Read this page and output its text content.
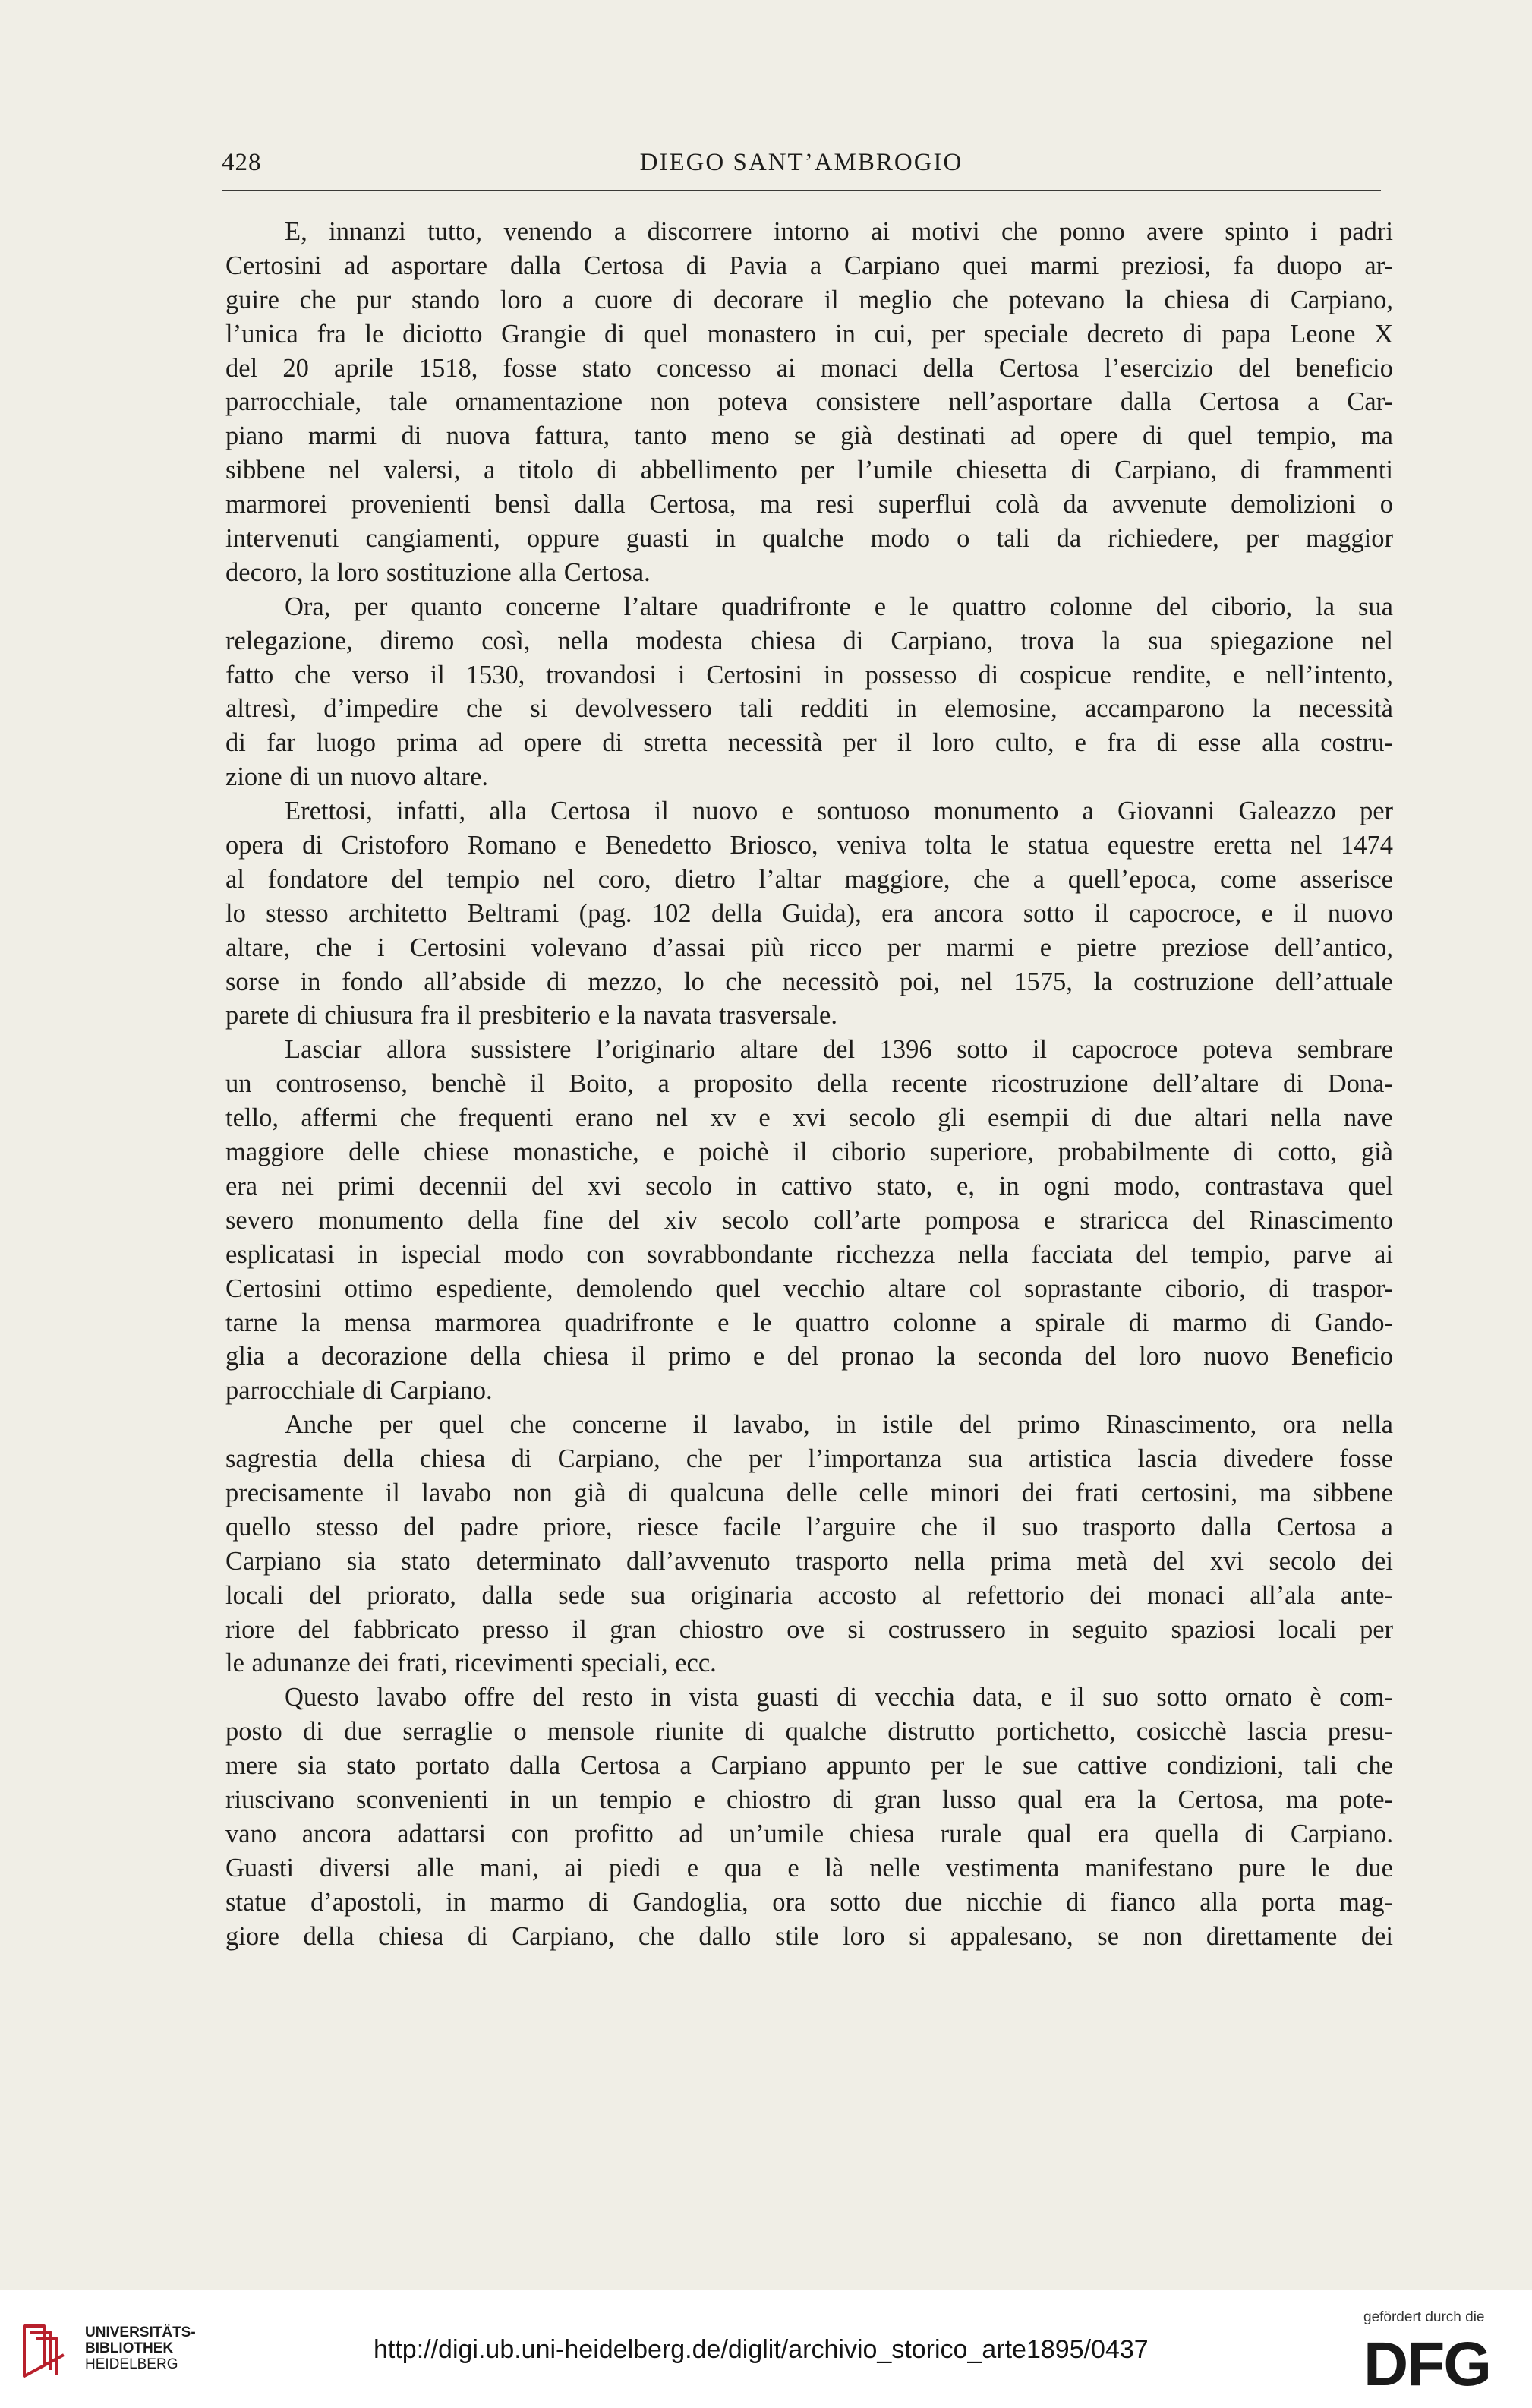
428	DIEGO SANT’AMBROGIO
E, innanzi tutto, venendo a discorrere intorno ai motivi che ponno avere spinto i padri
Certosini ad asportare dalla Certosa di Pavia a Carpiano quei marmi preziosi, fa duopo ar-
guire che pur stando loro a cuore di decorare il meglio che potevano la chiesa di Carpiano,
l’unica fra le diciotto Grangie di quel monastero in cui, per speciale decreto di papa Leone X
del 20 aprile 1518, fosse stato concesso ai monaci della Certosa l’esercizio del beneficio
parrocchiale, tale ornamentazione non poteva consistere nell’asportare dalla Certosa a Car-
piano marmi di nuova fattura, tanto meno se già destinati ad opere di quel tempio, ma
sibbene nel valersi, a titolo di abbellimento per l’umile chiesetta di Carpiano, di frammenti
marmorei provenienti bensì dalla Certosa, ma resi superflui colà da avvenute demolizioni o
intervenuti cangiamenti, oppure guasti in qualche modo o tali da richiedere, per maggior
decoro, la loro sostituzione alla Certosa.
Ora, per quanto concerne l’altare quadrifronte e le quattro colonne del ciborio, la sua
relegazione, diremo così, nella modesta chiesa di Carpiano, trova la sua spiegazione nel
fatto che verso il 1530, trovandosi i Certosini in possesso di cospicue rendite, e nell’intento,
altresì, d’impedire che si devolvessero tali redditi in elemosine, accamparono la necessità
di far luogo prima ad opere di stretta necessità per il loro culto, e fra di esse alla costru-
zione di un nuovo altare.
Erettosi, infatti, alla Certosa il nuovo e sontuoso monumento a Giovanni Galeazzo per
opera di Cristoforo Romano e Benedetto Briosco, veniva tolta le statua equestre eretta nel 1474
al fondatore del tempio nel coro, dietro l’altar maggiore, che a quell’epoca, come asserisce
lo stesso architetto Beltrami (pag. 102 della Guida), era ancora sotto il capocroce, e il nuovo
altare, che i Certosini volevano d’assai più ricco per marmi e pietre preziose dell’antico,
sorse in fondo all’abside di mezzo, lo che necessitò poi, nel 1575, la costruzione dell’attuale
parete di chiusura fra il presbiterio e la navata trasversale.
Lasciar allora sussistere l’originario altare del 1396 sotto il capocroce poteva sembrare
un controsenso, benchè il Boito, a proposito della recente ricostruzione dell’altare di Dona-
tello, affermi che frequenti erano nel xv e xvi secolo gli esempii di due altari nella nave
maggiore delle chiese monastiche, e poichè il ciborio superiore, probabilmente di cotto, già
era nei primi decennii del xvi secolo in cattivo stato, e, in ogni modo, contrastava quel
severo monumento della fine del xiv secolo coll’arte pomposa e straricca del Rinascimento
esplicatasi in ispecial modo con sovrabbondante ricchezza nella facciata del tempio, parve ai
Certosini ottimo espediente, demolendo quel vecchio altare col soprastante ciborio, di traspor-
tarne la mensa marmorea quadrifronte e le quattro colonne a spirale di marmo di Gando-
glia a decorazione della chiesa il primo e del pronao la seconda del loro nuovo Beneficio
parrocchiale di Carpiano.
Anche per quel che concerne il lavabo, in istile del primo Rinascimento, ora nella
sagrestia della chiesa di Carpiano, che per l’importanza sua artistica lascia divedere fosse
precisamente il lavabo non già di qualcuna delle celle minori dei frati certosini, ma sibbene
quello stesso del padre priore, riesce facile l’arguire che il suo trasporto dalla Certosa a
Carpiano sia stato determinato dall’avvenuto trasporto nella prima metà del xvi secolo dei
locali del priorato, dalla sede sua originaria accosto al refettorio dei monaci all’ala ante-
riore del fabbricato presso il gran chiostro ove si costrussero in seguito spaziosi locali per
le adunanze dei frati, ricevimenti speciali, ecc.
Questo lavabo offre del resto in vista guasti di vecchia data, e il suo sotto ornato è com-
posto di due serraglie o mensole riunite di qualche distrutto portichetto, cosicchè lascia presu-
mere sia stato portato dalla Certosa a Carpiano appunto per le sue cattive condizioni, tali che
riuscivano sconvenienti in un tempio e chiostro di gran lusso qual era la Certosa, ma pote-
vano ancora adattarsi con profitto ad un’umile chiesa rurale qual era quella di Carpiano.
Guasti diversi alle mani, ai piedi e qua e là nelle vestimenta manifestano pure le due
statue d’apostoli, in marmo di Gandoglia, ora sotto due nicchie di fianco alla porta mag-
giore della chiesa di Carpiano, che dallo stile loro si appalesano, se non direttamente dei
UNIVERSITÄTS-
BIBLIOTHEK
HEIDELBERG
http://digi.ub.uni-heidelberg.de/diglit/archivio_storico_arte1895/0437
gefördert durch die
DFG
